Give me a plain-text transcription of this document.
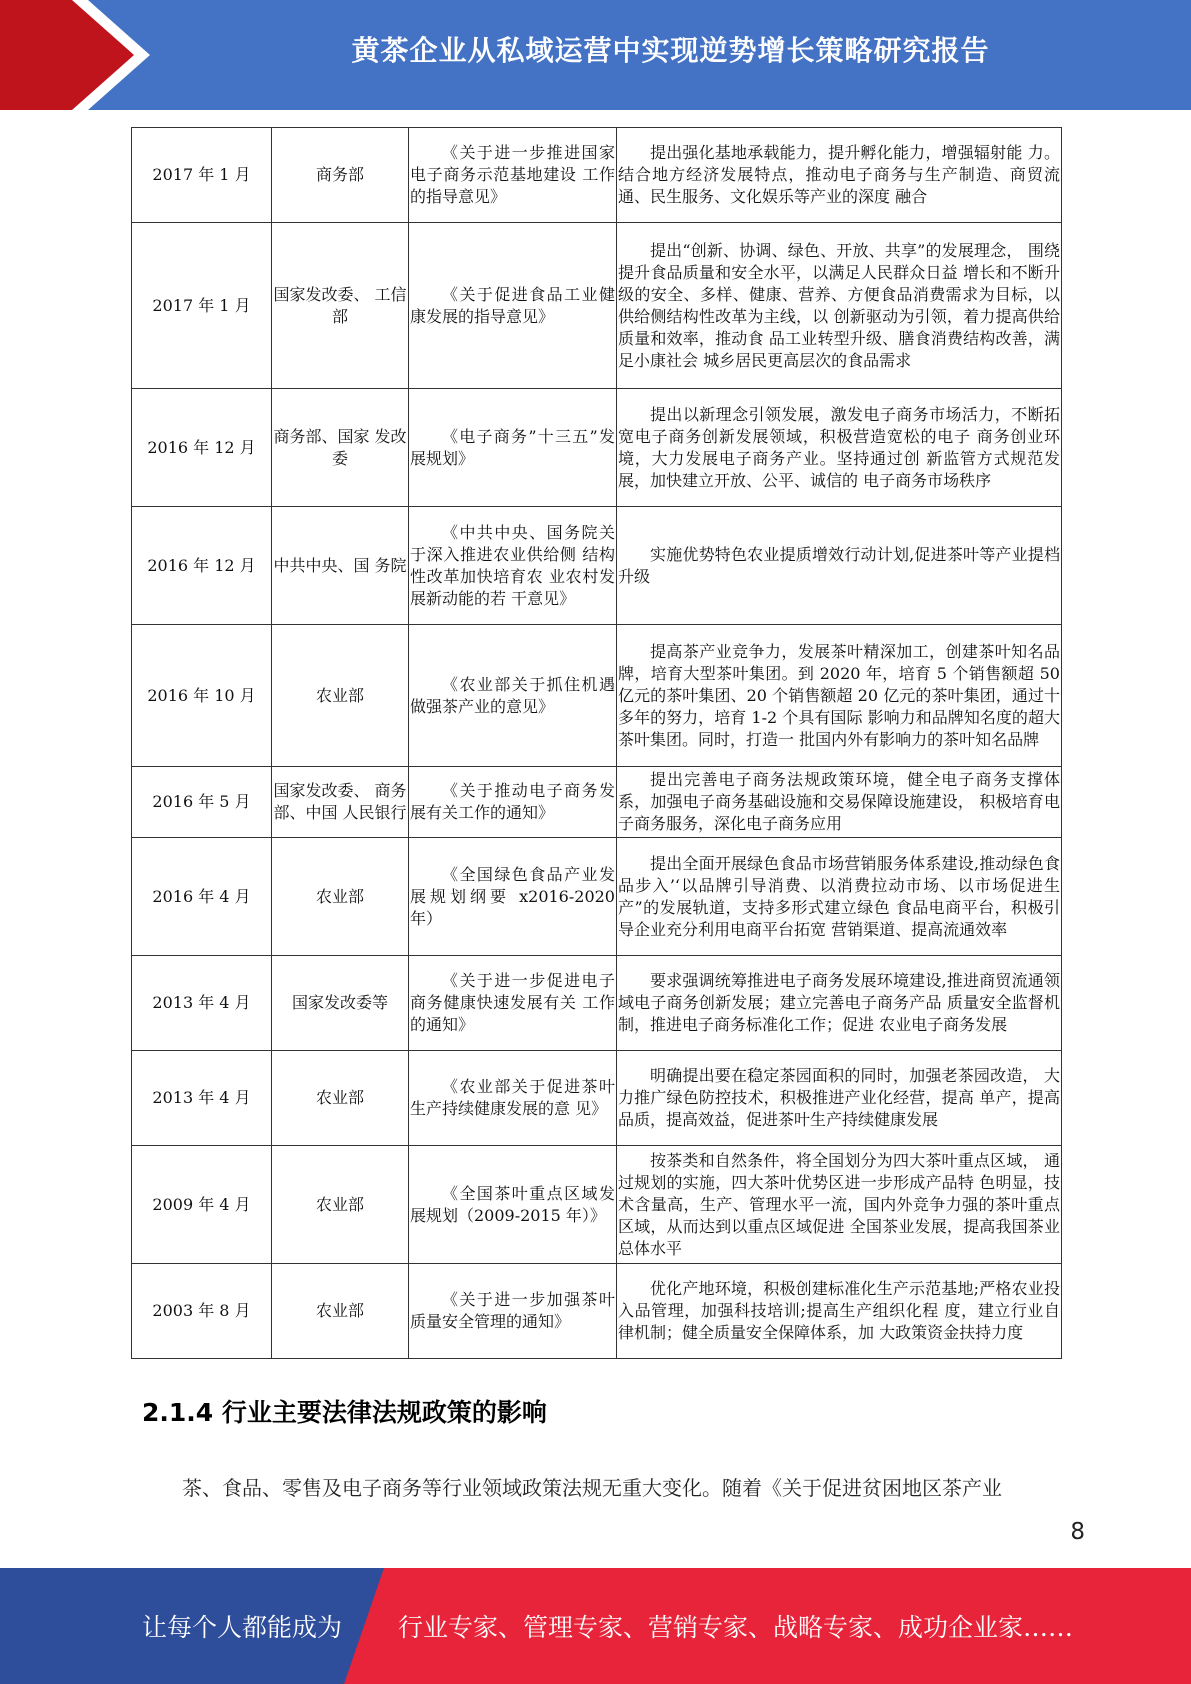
黄茶企业从私域运营中实现逆势增长策略研究报告
2017 年 1 月	商务部	《关于进一步推进国家 电子商务示范基地建设 工作的指导意见》	提出强化基地承载能力，提升孵化能力，增强辐射能 力。结合地方经济发展特点，推动电子商务与生产制造、商贸流通、民生服务、文化娱乐等产业的深度 融合
2017 年 1 月	国家发改委、 工信部	《关于促进食品工业健 康发展的指导意见》	提出“创新、协调、绿色、开放、共享”的发展理念， 围绕提升食品质量和安全水平，以满足人民群众日益 增长和不断升级的安全、多样、健康、营养、方便食品消费需求为目标，以供给侧结构性改革为主线，以 创新驱动为引领，着力提高供给质量和效率，推动食 品工业转型升级、膳食消费结构改善，满足小康社会 城乡居民更高层次的食品需求
2016 年 12 月	商务部、国家 发改委	《电子商务”十三五”发展规划》	提出以新理念引领发展，激发电子商务市场活力，不断拓宽电子商务创新发展领域，积极营造宽松的电子 商务创业环境，大力发展电子商务产业。坚持通过创 新监管方式规范发展，加快建立开放、公平、诚信的 电子商务市场秩序
2016 年 12 月	中共中央、国 务院	《中共中央、国务院关 于深入推进农业供给侧 结构性改革加快培育农 业农村发展新动能的若 干意见》	实施优势特色农业提质增效行动计划,促进茶叶等产业提档升级
2016 年 10 月	农业部	《农业部关于抓住机遇 做强茶产业的意见》	提高茶产业竞争力，发展茶叶精深加工，创建茶叶知名品牌，培育大型茶叶集团。到 2020 年，培育 5 个销售额超 50 亿元的茶叶集团、20 个销售额超 20 亿元的茶叶集团，通过十多年的努力，培育 1-2 个具有国际 影响力和品牌知名度的超大茶叶集团。同时，打造一 批国内外有影响力的茶叶知名品牌
2016 年 5 月	国家发改委、 商务部、中国 人民银行	《关于推动电子商务发 展有关工作的通知》	提出完善电子商务法规政策环境，健全电子商务支撑体系，加强电子商务基础设施和交易保障设施建设， 积极培育电子商务服务，深化电子商务应用
2016 年 4 月	农业部	《全国绿色食品产业发 展规划纲要 x2016-2020 年）	提出全面开展绿色食品市场营销服务体系建设,推动绿色食品步入’‘以品牌引导消费、以消费拉动市场、以市场促进生产”的发展轨道，支持多形式建立绿色 食品电商平台，积极引导企业充分利用电商平台拓宽 营销渠道、提高流通效率
2013 年 4 月	国家发改委等	《关于进一步促进电子 商务健康快速发展有关 工作的通知》	要求强调统筹推进电子商务发展环境建设,推进商贸流通领域电子商务创新发展；建立完善电子商务产品 质量安全监督机制，推进电子商务标准化工作；促进 农业电子商务发展
2013 年 4 月	农业部	《农业部关于促进茶叶 生产持续健康发展的意 见》	明确提出要在稳定茶园面积的同时，加强老茶园改造， 大力推广绿色防控技术，积极推进产业化经营，提高 单产，提高品质，提高效益，促进茶叶生产持续健康发展
2009 年 4 月	农业部	《全国茶叶重点区域发 展规划（2009-2015 年）》	按茶类和自然条件，将全国划分为四大茶叶重点区域， 通过规划的实施，四大茶叶优势区进一步形成产品特 色明显，技术含量高，生产、管理水平一流，国内外竞争力强的茶叶重点区域，从而达到以重点区域促进 全国茶业发展，提高我国茶业总体水平
2003 年 8 月	农业部	《关于进一步加强茶叶 质量安全管理的通知》	优化产地环境，积极创建标准化生产示范基地;严格农业投入品管理，加强科技培训;提高生产组织化程 度，建立行业自律机制；健全质量安全保障体系，加 大政策资金扶持力度
2.1.4 行业主要法律法规政策的影响

茶、食品、零售及电子商务等行业领域政策法规无重大变化。随着《关于促进贫困地区茶产业

8
让每个人都能成为 行业专家、管理专家、营销专家、战略专家、成功企业家……
